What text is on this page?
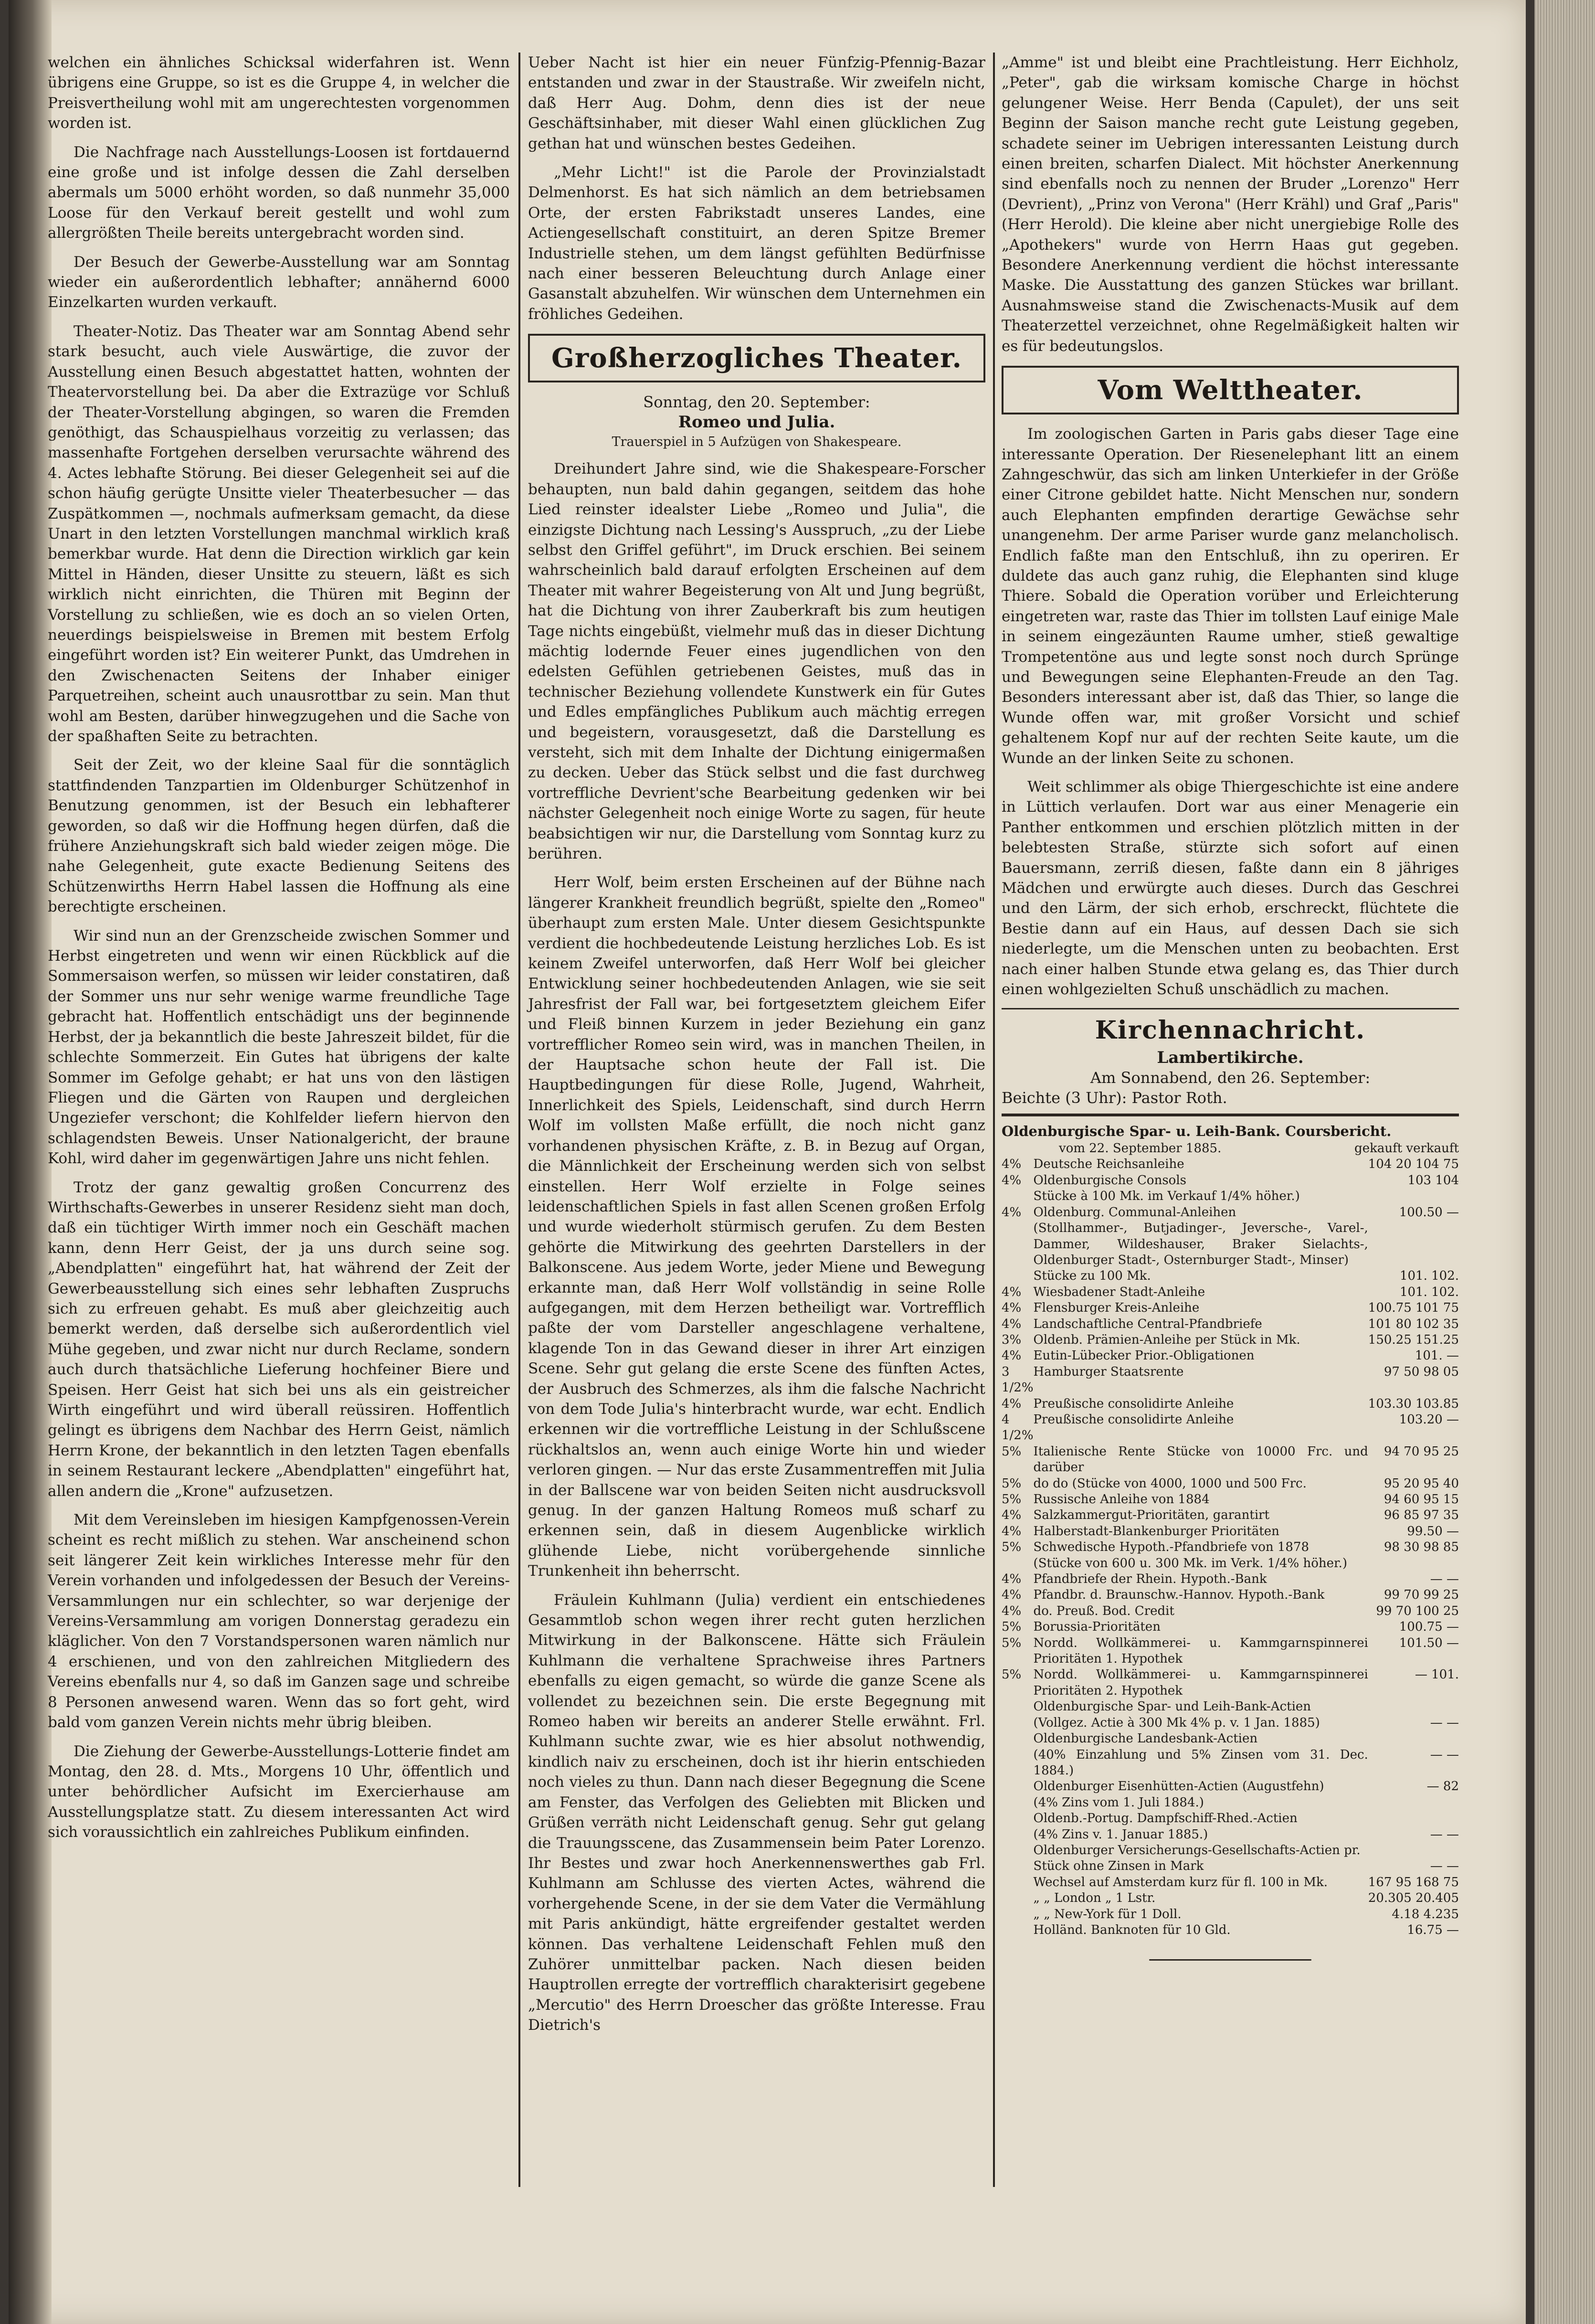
welchen ein ähnliches Schicksal widerfahren ist. Wenn übrigens eine Gruppe, so ist es die Gruppe 4, in welcher die Preisvertheilung wohl mit am ungerechtesten vorgenommen worden ist.

Die Nachfrage nach Ausstellungs-Loosen ist fortdauernd eine große und ist infolge dessen die Zahl derselben abermals um 5000 erhöht worden, so daß nunmehr 35,000 Loose für den Verkauf bereit gestellt und wohl zum allergrößten Theile bereits untergebracht worden sind.

Der Besuch der Gewerbe-Ausstellung war am Sonntag wieder ein außerordentlich lebhafter; annähernd 6000 Einzelkarten wurden verkauft.

Theater-Notiz. Das Theater war am Sonntag Abend sehr stark besucht, auch viele Auswärtige, die zuvor der Ausstellung einen Besuch abgestattet hatten, wohnten der Theatervorstellung bei. Da aber die Extrazüge vor Schluß der Theater-Vorstellung abgingen, so waren die Fremden genöthigt, das Schauspielhaus vorzeitig zu verlassen; das massenhafte Fortgehen derselben verursachte während des 4. Actes lebhafte Störung. Bei dieser Gelegenheit sei auf die schon häufig gerügte Unsitte vieler Theaterbesucher — das Zuspätkommen —, nochmals aufmerksam gemacht, da diese Unart in den letzten Vorstellungen manchmal wirklich kraß bemerkbar wurde. Hat denn die Direction wirklich gar kein Mittel in Händen, dieser Unsitte zu steuern, läßt es sich wirklich nicht einrichten, die Thüren mit Beginn der Vorstellung zu schließen, wie es doch an so vielen Orten, neuerdings beispielsweise in Bremen mit bestem Erfolg eingeführt worden ist? Ein weiterer Punkt, das Umdrehen in den Zwischenacten Seitens der Inhaber einiger Parquetreihen, scheint auch unausrottbar zu sein. Man thut wohl am Besten, darüber hinwegzugehen und die Sache von der spaßhaften Seite zu betrachten.

Seit der Zeit, wo der kleine Saal für die sonntäglich stattfindenden Tanzpartien im Oldenburger Schützenhof in Benutzung genommen, ist der Besuch ein lebhafterer geworden, so daß wir die Hoffnung hegen dürfen, daß die frühere Anziehungskraft sich bald wieder zeigen möge. Die nahe Gelegenheit, gute exacte Bedienung Seitens des Schützenwirths Herrn Habel lassen die Hoffnung als eine berechtigte erscheinen.

Wir sind nun an der Grenzscheide zwischen Sommer und Herbst eingetreten und wenn wir einen Rückblick auf die Sommersaison werfen, so müssen wir leider constatiren, daß der Sommer uns nur sehr wenige warme freundliche Tage gebracht hat. Hoffentlich entschädigt uns der beginnende Herbst, der ja bekanntlich die beste Jahreszeit bildet, für die schlechte Sommerzeit. Ein Gutes hat übrigens der kalte Sommer im Gefolge gehabt; er hat uns von den lästigen Fliegen und die Gärten von Raupen und dergleichen Ungeziefer verschont; die Kohlfelder liefern hiervon den schlagendsten Beweis. Unser Nationalgericht, der braune Kohl, wird daher im gegenwärtigen Jahre uns nicht fehlen.

Trotz der ganz gewaltig großen Concurrenz des Wirthschafts-Gewerbes in unserer Residenz sieht man doch, daß ein tüchtiger Wirth immer noch ein Geschäft machen kann, denn Herr Geist, der ja uns durch seine sog. „Abendplatten" eingeführt hat, hat während der Zeit der Gewerbeausstellung sich eines sehr lebhaften Zuspruchs sich zu erfreuen gehabt. Es muß aber gleichzeitig auch bemerkt werden, daß derselbe sich außerordentlich viel Mühe gegeben, und zwar nicht nur durch Reclame, sondern auch durch thatsächliche Lieferung hochfeiner Biere und Speisen. Herr Geist hat sich bei uns als ein geistreicher Wirth eingeführt und wird überall reüssiren. Hoffentlich gelingt es übrigens dem Nachbar des Herrn Geist, nämlich Herrn Krone, der bekanntlich in den letzten Tagen ebenfalls in seinem Restaurant leckere „Abendplatten" eingeführt hat, allen andern die „Krone" aufzusetzen.

Mit dem Vereinsleben im hiesigen Kampfgenossen-Verein scheint es recht mißlich zu stehen. War anscheinend schon seit längerer Zeit kein wirkliches Interesse mehr für den Verein vorhanden und infolgedessen der Besuch der Vereins-Versammlungen nur ein schlechter, so war derjenige der Vereins-Versammlung am vorigen Donnerstag geradezu ein kläglicher. Von den 7 Vorstandspersonen waren nämlich nur 4 erschienen, und von den zahlreichen Mitgliedern des Vereins ebenfalls nur 4, so daß im Ganzen sage und schreibe 8 Personen anwesend waren. Wenn das so fort geht, wird bald vom ganzen Verein nichts mehr übrig bleiben.

Die Ziehung der Gewerbe-Ausstellungs-Lotterie findet am Montag, den 28. d. Mts., Morgens 10 Uhr, öffentlich und unter behördlicher Aufsicht im Exercierhause am Ausstellungsplatze statt. Zu diesem interessanten Act wird sich voraussichtlich ein zahlreiches Publikum einfinden.

Ueber Nacht ist hier ein neuer Fünfzig-Pfennig-Bazar entstanden und zwar in der Staustraße. Wir zweifeln nicht, daß Herr Aug. Dohm, denn dies ist der neue Geschäftsinhaber, mit dieser Wahl einen glücklichen Zug gethan hat und wünschen bestes Gedeihen.

„Mehr Licht!" ist die Parole der Provinzialstadt Delmenhorst. Es hat sich nämlich an dem betriebsamen Orte, der ersten Fabrikstadt unseres Landes, eine Actiengesellschaft constituirt, an deren Spitze Bremer Industrielle stehen, um dem längst gefühlten Bedürfnisse nach einer besseren Beleuchtung durch Anlage einer Gasanstalt abzuhelfen. Wir wünschen dem Unternehmen ein fröhliches Gedeihen.

Großherzogliches Theater.
Sonntag, den 20. September:
Romeo und Julia.
Trauerspiel in 5 Aufzügen von Shakespeare.

Dreihundert Jahre sind, wie die Shakespeare-Forscher behaupten, nun bald dahin gegangen, seitdem das hohe Lied reinster idealster Liebe „Romeo und Julia", die einzigste Dichtung nach Lessing's Ausspruch, „zu der Liebe selbst den Griffel geführt", im Druck erschien. Bei seinem wahrscheinlich bald darauf erfolgten Erscheinen auf dem Theater mit wahrer Begeisterung von Alt und Jung begrüßt, hat die Dichtung von ihrer Zauberkraft bis zum heutigen Tage nichts eingebüßt, vielmehr muß das in dieser Dichtung mächtig lodernde Feuer eines jugendlichen von den edelsten Gefühlen getriebenen Geistes, muß das in technischer Beziehung vollendete Kunstwerk ein für Gutes und Edles empfängliches Publikum auch mächtig erregen und begeistern, vorausgesetzt, daß die Darstellung es versteht, sich mit dem Inhalte der Dichtung einigermaßen zu decken. Ueber das Stück selbst und die fast durchweg vortreffliche Devrient'sche Bearbeitung gedenken wir bei nächster Gelegenheit noch einige Worte zu sagen, für heute beabsichtigen wir nur, die Darstellung vom Sonntag kurz zu berühren.

Herr Wolf, beim ersten Erscheinen auf der Bühne nach längerer Krankheit freundlich begrüßt, spielte den „Romeo" überhaupt zum ersten Male. Unter diesem Gesichtspunkte verdient die hochbedeutende Leistung herzliches Lob. Es ist keinem Zweifel unterworfen, daß Herr Wolf bei gleicher Entwicklung seiner hochbedeutenden Anlagen, wie sie seit Jahresfrist der Fall war, bei fortgesetztem gleichem Eifer und Fleiß binnen Kurzem in jeder Beziehung ein ganz vortrefflicher Romeo sein wird, was in manchen Theilen, in der Hauptsache schon heute der Fall ist. Die Hauptbedingungen für diese Rolle, Jugend, Wahrheit, Innerlichkeit des Spiels, Leidenschaft, sind durch Herrn Wolf im vollsten Maße erfüllt, die noch nicht ganz vorhandenen physischen Kräfte, z. B. in Bezug auf Organ, die Männlichkeit der Erscheinung werden sich von selbst einstellen. Herr Wolf erzielte in Folge seines leidenschaftlichen Spiels in fast allen Scenen großen Erfolg und wurde wiederholt stürmisch gerufen. Zu dem Besten gehörte die Mitwirkung des geehrten Darstellers in der Balkonscene. Aus jedem Worte, jeder Miene und Bewegung erkannte man, daß Herr Wolf vollständig in seine Rolle aufgegangen, mit dem Herzen betheiligt war. Vortrefflich paßte der vom Darsteller angeschlagene verhaltene, klagende Ton in das Gewand dieser in ihrer Art einzigen Scene. Sehr gut gelang die erste Scene des fünften Actes, der Ausbruch des Schmerzes, als ihm die falsche Nachricht von dem Tode Julia's hinterbracht wurde, war echt. Endlich erkennen wir die vortreffliche Leistung in der Schlußscene rückhaltslos an, wenn auch einige Worte hin und wieder verloren gingen. — Nur das erste Zusammentreffen mit Julia in der Ballscene war von beiden Seiten nicht ausdrucksvoll genug. In der ganzen Haltung Romeos muß scharf zu erkennen sein, daß in diesem Augenblicke wirklich glühende Liebe, nicht vorübergehende sinnliche Trunkenheit ihn beherrscht.

Fräulein Kuhlmann (Julia) verdient ein entschiedenes Gesammtlob schon wegen ihrer recht guten herzlichen Mitwirkung in der Balkonscene. Hätte sich Fräulein Kuhlmann die verhaltene Sprachweise ihres Partners ebenfalls zu eigen gemacht, so würde die ganze Scene als vollendet zu bezeichnen sein. Die erste Begegnung mit Romeo haben wir bereits an anderer Stelle erwähnt. Frl. Kuhlmann suchte zwar, wie es hier absolut nothwendig, kindlich naiv zu erscheinen, doch ist ihr hierin entschieden noch vieles zu thun. Dann nach dieser Begegnung die Scene am Fenster, das Verfolgen des Geliebten mit Blicken und Grüßen verräth nicht Leidenschaft genug. Sehr gut gelang die Trauungsscene, das Zusammensein beim Pater Lorenzo. Ihr Bestes und zwar hoch Anerkennenswerthes gab Frl. Kuhlmann am Schlusse des vierten Actes, während die vorhergehende Scene, in der sie dem Vater die Vermählung mit Paris ankündigt, hätte ergreifender gestaltet werden können. Das verhaltene Leidenschaft Fehlen muß den Zuhörer unmittelbar packen. Nach diesen beiden Hauptrollen erregte der vortrefflich charakterisirt gegebene „Mercutio" des Herrn Droescher das größte Interesse. Frau Dietrich's

„Amme" ist und bleibt eine Prachtleistung. Herr Eichholz, „Peter", gab die wirksam komische Charge in höchst gelungener Weise. Herr Benda (Capulet), der uns seit Beginn der Saison manche recht gute Leistung gegeben, schadete seiner im Uebrigen interessanten Leistung durch einen breiten, scharfen Dialect. Mit höchster Anerkennung sind ebenfalls noch zu nennen der Bruder „Lorenzo" Herr (Devrient), „Prinz von Verona" (Herr Krähl) und Graf „Paris" (Herr Herold). Die kleine aber nicht unergiebige Rolle des „Apothekers" wurde von Herrn Haas gut gegeben. Besondere Anerkennung verdient die höchst interessante Maske. Die Ausstattung des ganzen Stückes war brillant. Ausnahmsweise stand die Zwischenacts-Musik auf dem Theaterzettel verzeichnet, ohne Regelmäßigkeit halten wir es für bedeutungslos.

Vom Welttheater.

Im zoologischen Garten in Paris gabs dieser Tage eine interessante Operation. Der Riesenelephant litt an einem Zahngeschwür, das sich am linken Unterkiefer in der Größe einer Citrone gebildet hatte. Nicht Menschen nur, sondern auch Elephanten empfinden derartige Gewächse sehr unangenehm. Der arme Pariser wurde ganz melancholisch. Endlich faßte man den Entschluß, ihn zu operiren. Er duldete das auch ganz ruhig, die Elephanten sind kluge Thiere. Sobald die Operation vorüber und Erleichterung eingetreten war, raste das Thier im tollsten Lauf einige Male in seinem eingezäunten Raume umher, stieß gewaltige Trompetentöne aus und legte sonst noch durch Sprünge und Bewegungen seine Elephanten-Freude an den Tag. Besonders interessant aber ist, daß das Thier, so lange die Wunde offen war, mit großer Vorsicht und schief gehaltenem Kopf nur auf der rechten Seite kaute, um die Wunde an der linken Seite zu schonen.

Weit schlimmer als obige Thiergeschichte ist eine andere in Lüttich verlaufen. Dort war aus einer Menagerie ein Panther entkommen und erschien plötzlich mitten in der belebtesten Straße, stürzte sich sofort auf einen Bauersmann, zerriß diesen, faßte dann ein 8 jähriges Mädchen und erwürgte auch dieses. Durch das Geschrei und den Lärm, der sich erhob, erschreckt, flüchtete die Bestie dann auf ein Haus, auf dessen Dach sie sich niederlegte, um die Menschen unten zu beobachten. Erst nach einer halben Stunde etwa gelang es, das Thier durch einen wohlgezielten Schuß unschädlich zu machen.

Kirchennachricht.
Lambertikirche.
Am Sonnabend, den 26. September:
Beichte (3 Uhr): Pastor Roth.
Oldenburgische Spar- u. Leih-Bank. Coursbericht.
vom 22. September 1885.	gekauft verkauft
4%	Deutsche Reichsanleihe	104 20 104 75
4%	Oldenburgische Consols	103 104
	Stücke à 100 Mk. im Verkauf 1/4% höher.)	
4%	Oldenburg. Communal-Anleihen	100.50 —
	(Stollhammer-, Butjadinger-, Jeversche-, Varel-, Dammer, Wildeshauser, Braker Sielachts-, Oldenburger Stadt-, Osternburger Stadt-, Minser)	
	Stücke zu 100 Mk.	101. 102.
4%	Wiesbadener Stadt-Anleihe	101. 102.
4%	Flensburger Kreis-Anleihe	100.75 101 75
4%	Landschaftliche Central-Pfandbriefe	101 80 102 35
3%	Oldenb. Prämien-Anleihe per Stück in Mk.	150.25 151.25
4%	Eutin-Lübecker Prior.-Obligationen	101. —
3 1/2%	Hamburger Staatsrente	97 50 98 05
4%	Preußische consolidirte Anleihe	103.30 103.85
4 1/2%	Preußische consolidirte Anleihe	103.20 —
5%	Italienische Rente Stücke von 10000 Frc. und darüber	94 70 95 25
5%	do do (Stücke von 4000, 1000 und 500 Frc.	95 20 95 40
5%	Russische Anleihe von 1884	94 60 95 15
4%	Salzkammergut-Prioritäten, garantirt	96 85 97 35
4%	Halberstadt-Blankenburger Prioritäten	99.50 —
5%	Schwedische Hypoth.-Pfandbriefe von 1878	98 30 98 85
	(Stücke von 600 u. 300 Mk. im Verk. 1/4% höher.)	
4%	Pfandbriefe der Rhein. Hypoth.-Bank	— —
4%	Pfandbr. d. Braunschw.-Hannov. Hypoth.-Bank	99 70 99 25
4%	do. Preuß. Bod. Credit	99 70 100 25
5%	Borussia-Prioritäten	100.75 —
5%	Nordd. Wollkämmerei- u. Kammgarnspinnerei Prioritäten 1. Hypothek	101.50 —
5%	Nordd. Wollkämmerei- u. Kammgarnspinnerei Prioritäten 2. Hypothek	— 101.
	Oldenburgische Spar- und Leih-Bank-Actien	
	(Vollgez. Actie à 300 Mk 4% p. v. 1 Jan. 1885)	— —
	Oldenburgische Landesbank-Actien	
	(40% Einzahlung und 5% Zinsen vom 31. Dec. 1884.)	— —
	Oldenburger Eisenhütten-Actien (Augustfehn)	— 82
	(4% Zins vom 1. Juli 1884.)	
	Oldenb.-Portug. Dampfschiff-Rhed.-Actien	
	(4% Zins v. 1. Januar 1885.)	— —
	Oldenburger Versicherungs-Gesellschafts-Actien pr.	
	Stück ohne Zinsen in Mark	— —
	Wechsel auf Amsterdam kurz für fl. 100 in Mk.	167 95 168 75
	„ „ London „ 1 Lstr.	20.305 20.405
	„ „ New-York für 1 Doll.	4.18 4.235
	Holländ. Banknoten für 10 Gld.	16.75 —
